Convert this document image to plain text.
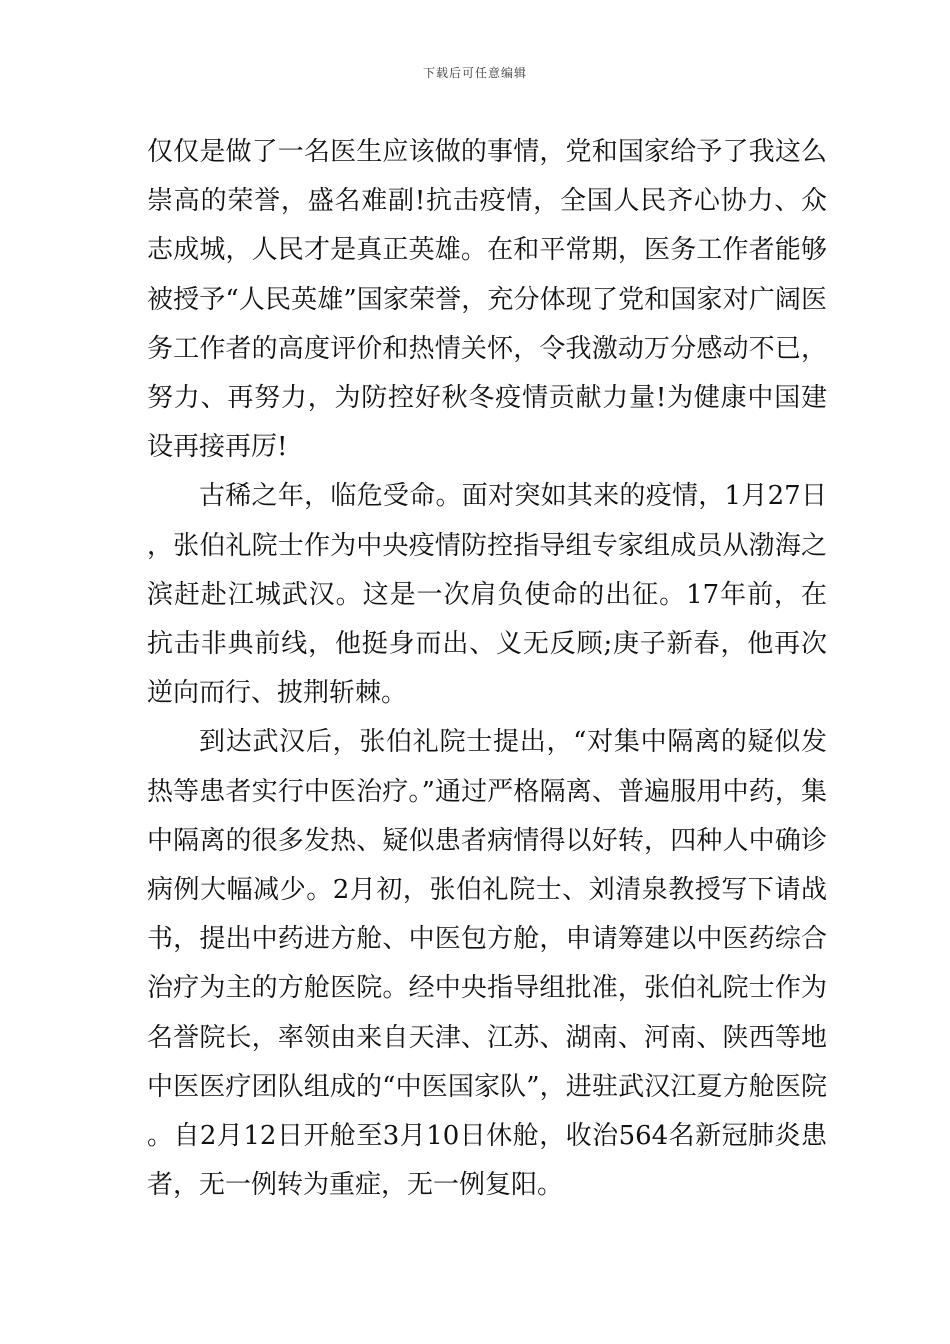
下载后可任意编辑

仅仅是做了一名医生应该做的事情，党和国家给予了我这么崇高的荣誉，盛名难副!抗击疫情，全国人民齐心协力、众志成城，人民才是真正英雄。在和平常期，医务工作者能够被授予“人民英雄”国家荣誉，充分体现了党和国家对广阔医务工作者的高度评价和热情关怀，令我激动万分感动不已，努力、再努力，为防控好秋冬疫情贡献力量!为健康中国建设再接再厉!

古稀之年，临危受命。面对突如其来的疫情，1月27日，张伯礼院士作为中央疫情防控指导组专家组成员从渤海之滨赶赴江城武汉。这是一次肩负使命的出征。17年前，在抗击非典前线，他挺身而出、义无反顾;庚子新春，他再次逆向而行、披荆斩棘。

到达武汉后，张伯礼院士提出，“对集中隔离的疑似发热等患者实行中医治疗。”通过严格隔离、普遍服用中药，集中隔离的很多发热、疑似患者病情得以好转，四种人中确诊病例大幅减少。2月初，张伯礼院士、刘清泉教授写下请战书，提出中药进方舱、中医包方舱，申请筹建以中医药综合治疗为主的方舱医院。经中央指导组批准，张伯礼院士作为名誉院长，率领由来自天津、江苏、湖南、河南、陕西等地中医医疗团队组成的“中医国家队”，进驻武汉江夏方舱医院。自2月12日开舱至3月10日休舱，收治564名新冠肺炎患者，无一例转为重症，无一例复阳。
